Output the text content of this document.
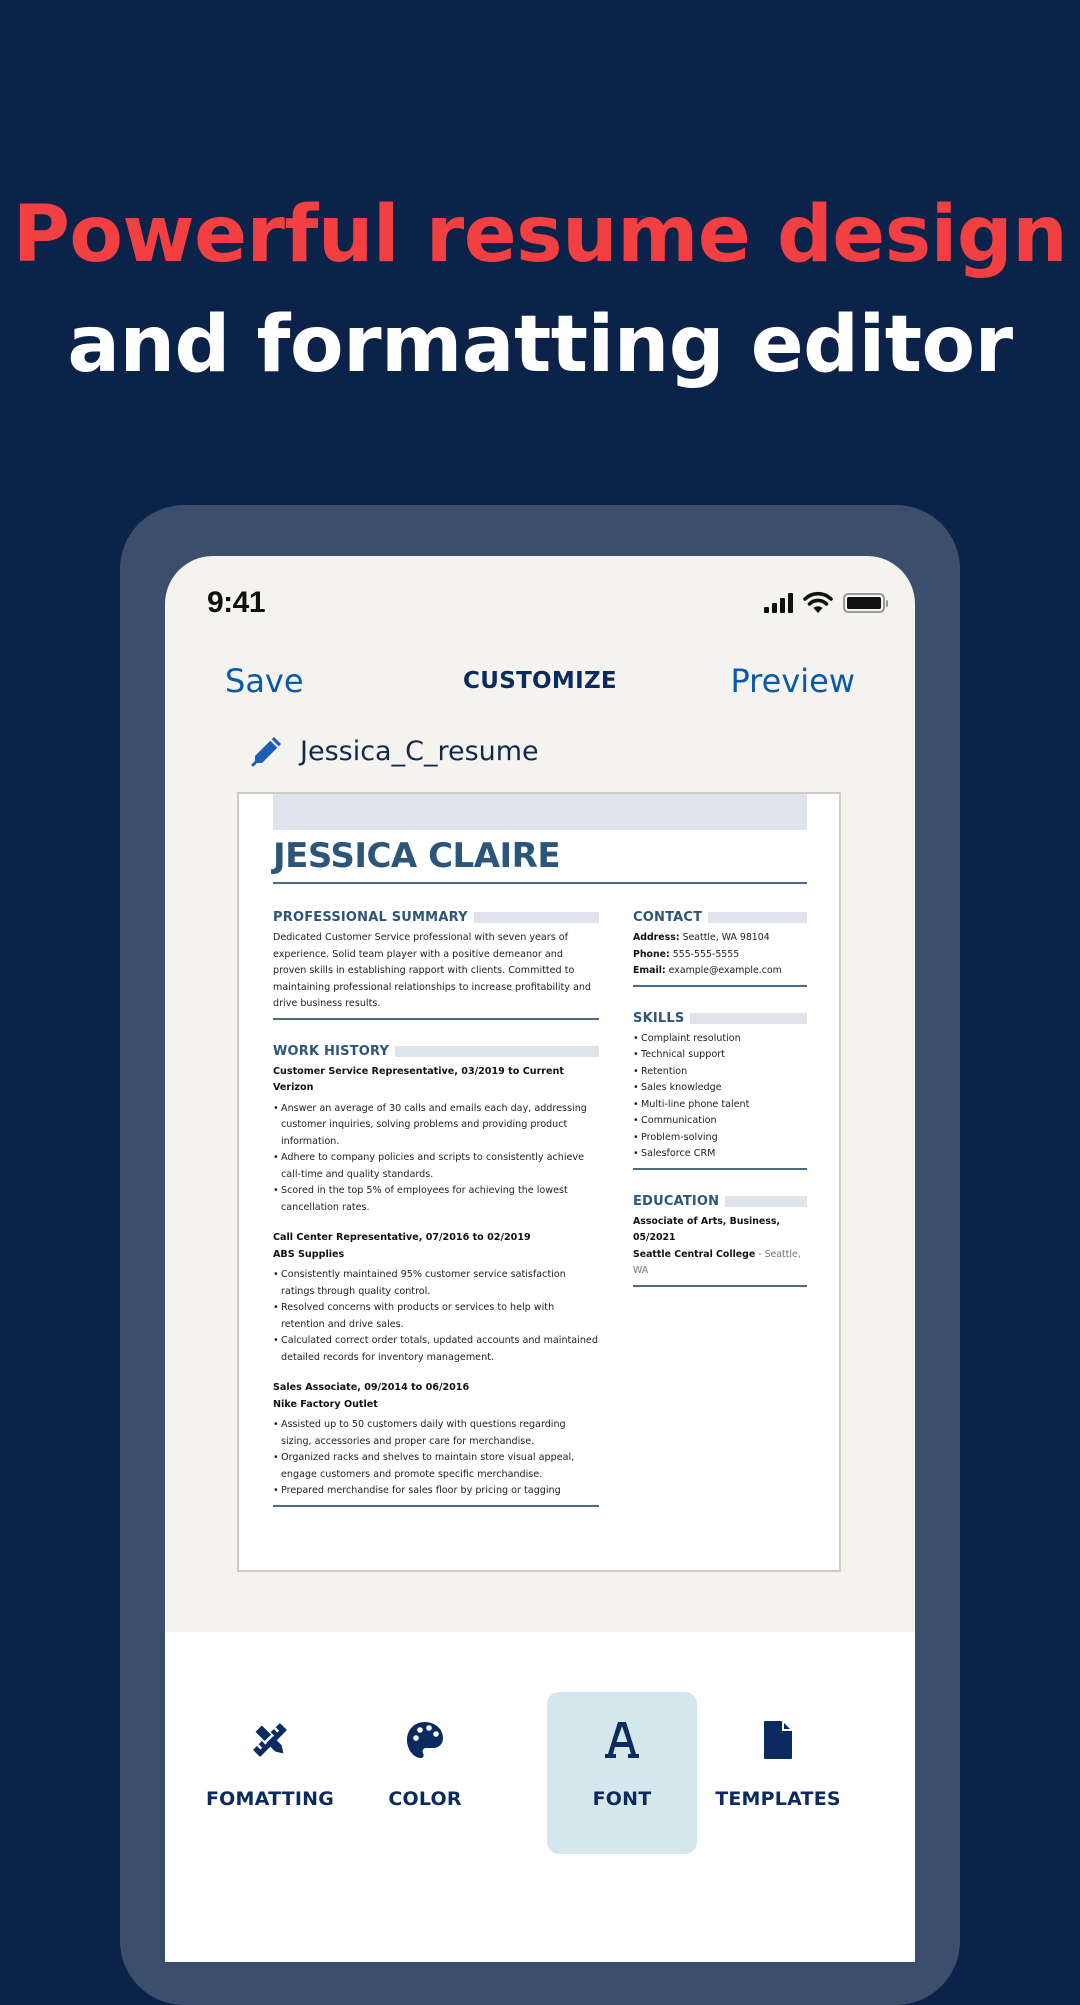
Powerful resume design
and formatting editor
9:41
Save	CUSTOMIZE	Preview
Jessica_C_resume
JESSICA CLAIRE
PROFESSIONAL SUMMARY
Dedicated Customer Service professional with seven years of experience. Solid team player with a positive demeanor and proven skills in establishing rapport with clients. Committed to maintaining professional relationships to increase profitability and drive business results.
WORK HISTORY
Customer Service Representative, 03/2019 to Current
Verizon
• Answer an average of 30 calls and emails each day, addressing customer inquiries, solving problems and providing product information.
• Adhere to company policies and scripts to consistently achieve call-time and quality standards.
• Scored in the top 5% of employees for achieving the lowest cancellation rates.
Call Center Representative, 07/2016 to 02/2019
ABS Supplies
• Consistently maintained 95% customer service satisfaction ratings through quality control.
• Resolved concerns with products or services to help with retention and drive sales.
• Calculated correct order totals, updated accounts and maintained detailed records for inventory management.
Sales Associate, 09/2014 to 06/2016
Nike Factory Outlet
• Assisted up to 50 customers daily with questions regarding sizing, accessories and proper care for merchandise.
• Organized racks and shelves to maintain store visual appeal, engage customers and promote specific merchandise.
• Prepared merchandise for sales floor by pricing or tagging
CONTACT
Address: Seattle, WA 98104
Phone: 555-555-5555
Email: example@example.com
SKILLS
• Complaint resolution
• Technical support
• Retention
• Sales knowledge
• Multi-line phone talent
• Communication
• Problem-solving
• Salesforce CRM
EDUCATION
Associate of Arts, Business, 05/2021
Seattle Central College - Seattle, WA
FOMATTING	COLOR	FONT	TEMPLATES
